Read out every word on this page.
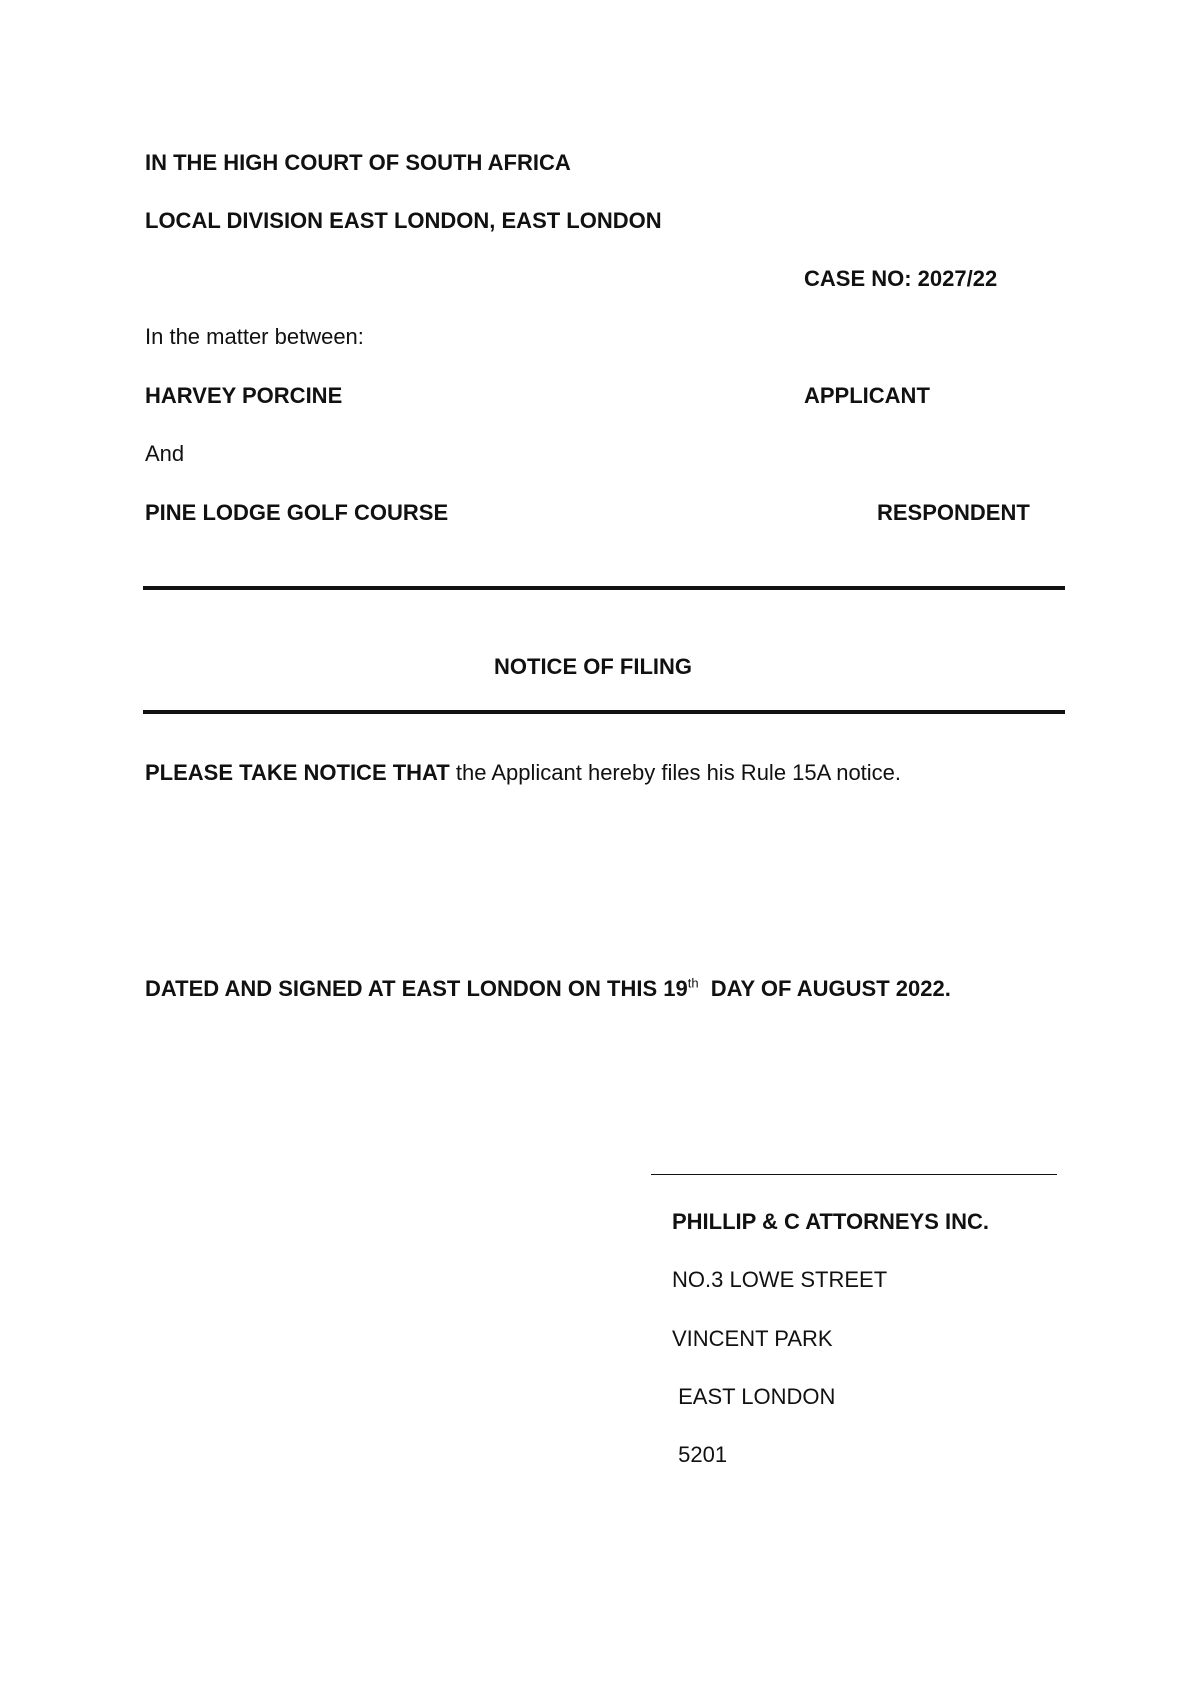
IN THE HIGH COURT OF SOUTH AFRICA
LOCAL DIVISION EAST LONDON, EAST LONDON
CASE NO: 2027/22
In the matter between:
HARVEY PORCINE	APPLICANT
And
PINE LODGE GOLF COURSE	RESPONDENT
NOTICE OF FILING
PLEASE TAKE NOTICE THAT the Applicant hereby files his Rule 15A notice.
DATED AND SIGNED AT EAST LONDON ON THIS 19th  DAY OF AUGUST 2022.
PHILLIP & C ATTORNEYS INC.
NO.3 LOWE STREET
VINCENT PARK
EAST LONDON
5201
